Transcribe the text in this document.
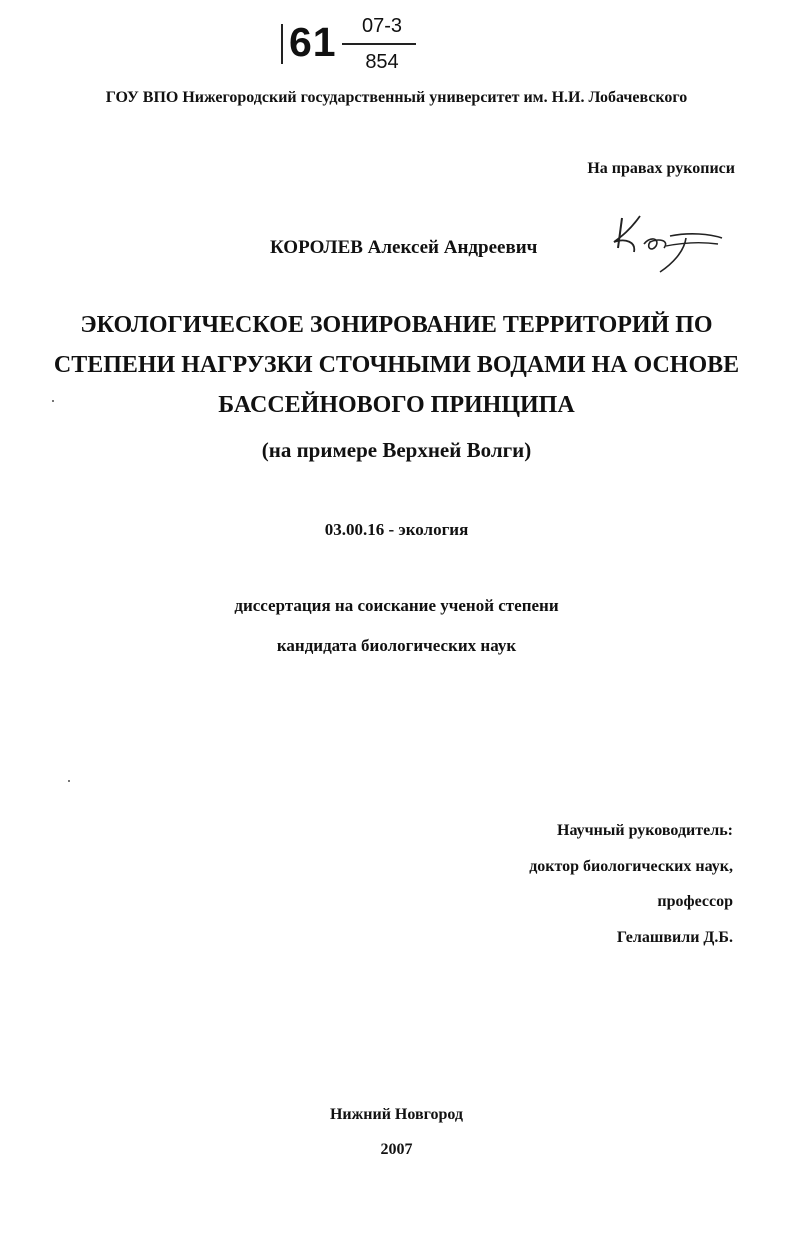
61	07-3
854
ГОУ ВПО Нижегородский государственный университет им. Н.И. Лобачевского
На правах рукописи
КОРОЛЕВ Алексей Андреевич
ЭКОЛОГИЧЕСКОЕ ЗОНИРОВАНИЕ ТЕРРИТОРИЙ ПО
СТЕПЕНИ НАГРУЗКИ СТОЧНЫМИ ВОДАМИ НА ОСНОВЕ
БАССЕЙНОВОГО ПРИНЦИПА
(на примере Верхней Волги)
03.00.16 - экология
диссертация на соискание ученой степени
кандидата биологических наук
Научный руководитель:
доктор биологических наук,
профессор
Гелашвили Д.Б.
Нижний Новгород
2007
